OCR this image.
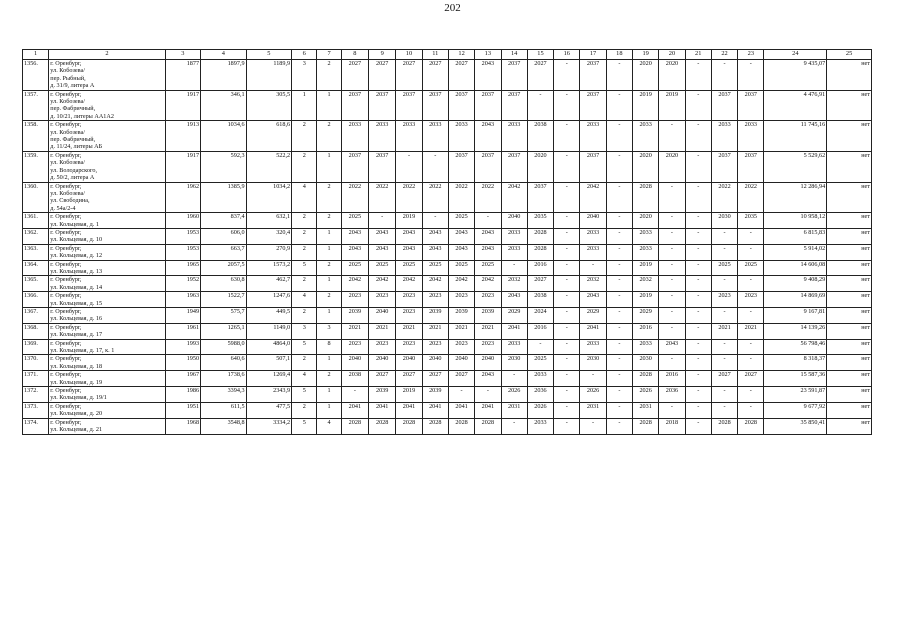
202
1	2	3	4	5	6	7	8	9	10	11	12	13	14	15	16	17	18	19	20	21	22	23	24	25
1356.	г. Оренбург,
ул. Кобозева/
пер. Рыбный,
д. 31/9, литера А	1877	1897,9	1189,9	3	2	2027	2027	2027	2027	2027	2043	2037	2027	-	2037	-	2020	2020	-	-	-	9 435,07	нет
1357.	г. Оренбург,
ул. Кобозева/
пер. Фабричный,
д. 10/21, литеры АА1А2	1917	346,1	305,5	1	1	2037	2037	2037	2037	2037	2037	2037	-	-	2037	-	2019	2019	-	2037	2037	4 476,91	нет
1358.	г. Оренбург,
ул. Кобозева/
пер. Фабричный,
д. 11/24, литеры АБ	1913	1034,6	618,6	2	2	2033	2033	2033	2033	2033	2043	2033	2038	-	2033	-	2033	-	-	2033	2033	11 745,16	нет
1359.	г. Оренбург,
ул. Кобозева/
ул. Володарского,
д. 50/2, литера А	1917	592,3	522,2	2	1	2037	2037	-	-	2037	2037	2037	2020	-	2037	-	2020	2020	-	2037	2037	5 529,62	нет
1360.	г. Оренбург,
ул. Кобозева/
ул. Свободина,
д. 54а/2-4	1962	1385,9	1034,2	4	2	2022	2022	2022	2022	2022	2022	2042	2037	-	2042	-	2028	-	-	2022	2022	12 286,94	нет
1361.	г. Оренбург,
ул. Кольцевая, д. 1	1960	837,4	632,1	2	2	2025	-	2019	-	2025	-	2040	2035	-	2040	-	2020	-	-	2030	2035	10 958,12	нет
1362.	г. Оренбург,
ул. Кольцевая, д. 10	1953	606,0	320,4	2	1	2043	2043	2043	2043	2043	2043	2033	2028	-	2033	-	2033	-	-	-	-	6 815,83	нет
1363.	г. Оренбург,
ул. Кольцевая, д. 12	1953	663,7	270,9	2	1	2043	2043	2043	2043	2043	2043	2033	2028	-	2033	-	2033	-	-	-	-	5 914,02	нет
1364.	г. Оренбург,
ул. Кольцевая, д. 13	1965	2057,5	1573,2	5	2	2025	2025	2025	2025	2025	2025	-	2016	-	-	-	2019	-	-	2025	2025	14 606,08	нет
1365.	г. Оренбург,
ул. Кольцевая, д. 14	1952	630,8	462,7	2	1	2042	2042	2042	2042	2042	2042	2032	2027	-	2032	-	2032	-	-	-	-	9 408,29	нет
1366.	г. Оренбург,
ул. Кольцевая, д. 15	1963	1522,7	1247,6	4	2	2023	2023	2023	2023	2023	2023	2043	2038	-	2043	-	2019	-	-	2023	2023	14 869,69	нет
1367.	г. Оренбург,
ул. Кольцевая, д. 16	1949	575,7	449,5	2	1	2039	2040	2023	2039	2039	2039	2029	2024	-	2029	-	2029	-	-	-	-	9 167,81	нет
1368.	г. Оренбург,
ул. Кольцевая, д. 17	1961	1265,1	1149,0	3	3	2021	2021	2021	2021	2021	2021	2041	2016	-	2041	-	2016	-	-	2021	2021	14 139,26	нет
1369.	г. Оренбург,
ул. Кольцевая, д. 17, к. 1	1993	5988,0	4864,0	5	8	2023	2023	2023	2023	2023	2023	2033	-	-	2033	-	2033	2043	-	-	-	56 798,46	нет
1370.	г. Оренбург,
ул. Кольцевая, д. 18	1950	640,6	507,1	2	1	2040	2040	2040	2040	2040	2040	2030	2025	-	2030	-	2030	-	-	-	-	8 318,37	нет
1371.	г. Оренбург,
ул. Кольцевая, д. 19	1967	1738,6	1269,4	4	2	2038	2027	2027	2027	2027	2043	-	2033	-	-	-	2028	2016	-	2027	2027	15 587,36	нет
1372.	г. Оренбург,
ул. Кольцевая, д. 19/1	1986	3394,3	2343,9	5	1	-	2039	2019	2039	-	-	2026	2036	-	2026	-	2026	2036	-	-	-	23 591,87	нет
1373.	г. Оренбург,
ул. Кольцевая, д. 20	1951	611,5	477,5	2	1	2041	2041	2041	2041	2041	2041	2031	2026	-	2031	-	2031	-	-	-	-	9 677,92	нет
1374.	г. Оренбург,
ул. Кольцевая, д. 21	1968	3548,8	3334,2	5	4	2028	2028	2028	2028	2028	2028	-	2033	-	-	-	2028	2018	-	2028	2028	35 850,41	нет
